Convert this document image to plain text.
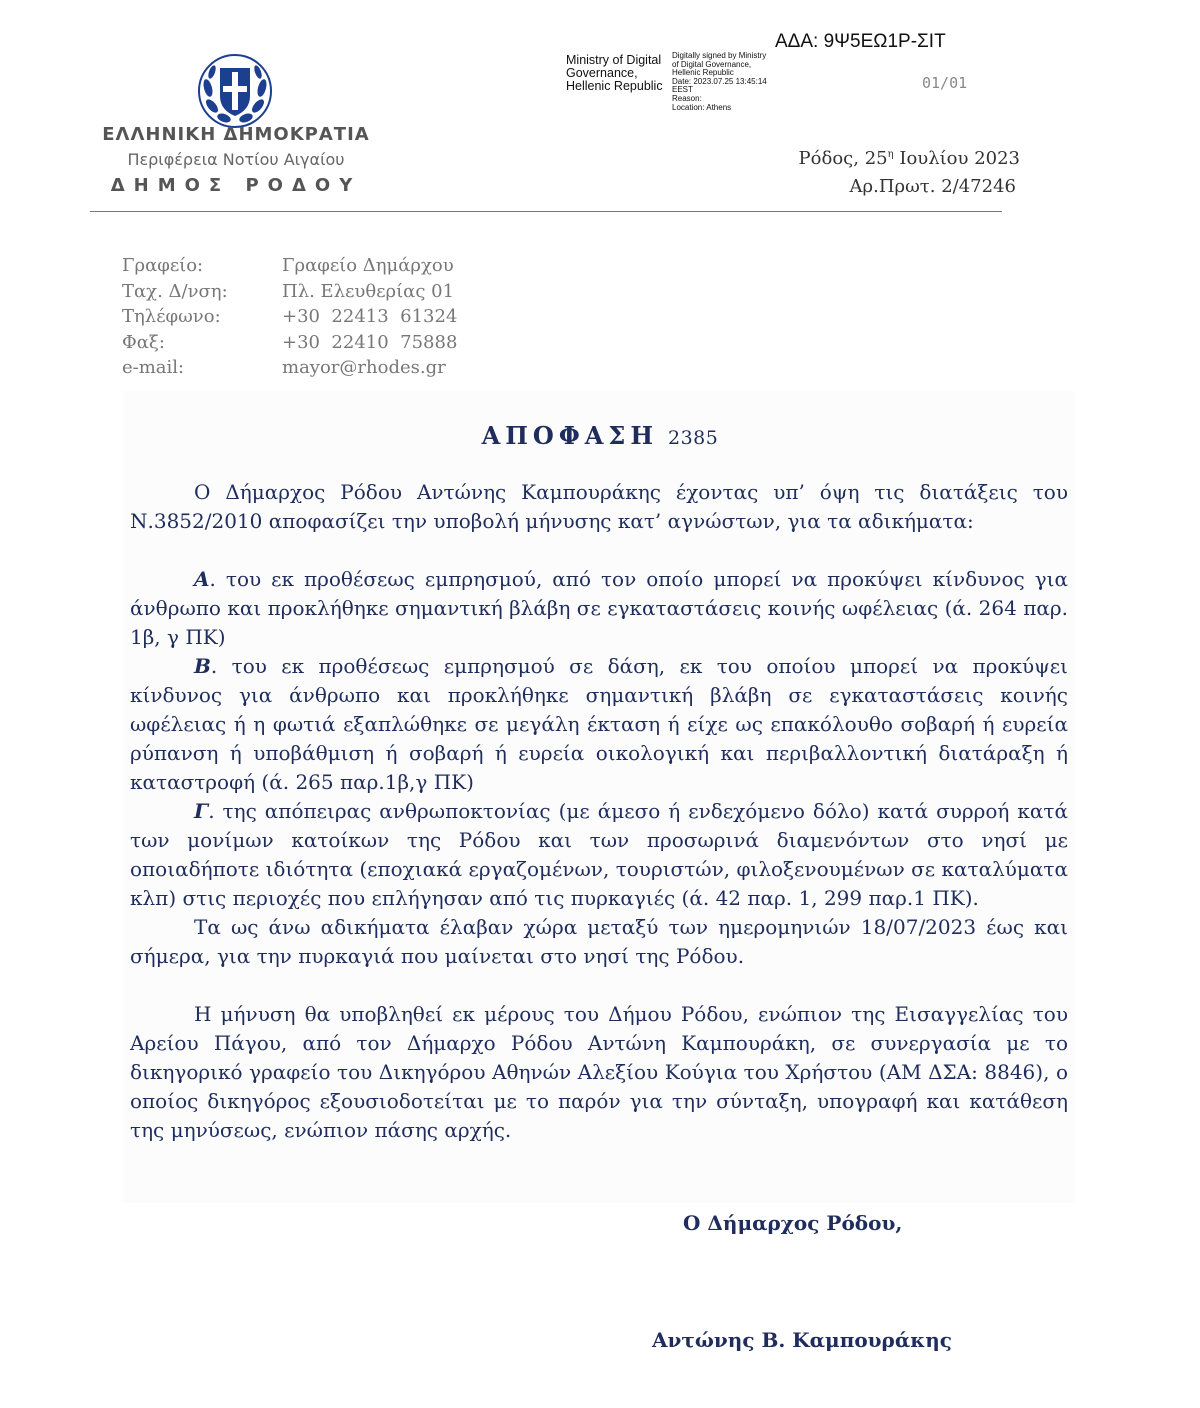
ΑΔΑ: 9Ψ5ΕΩ1Ρ-ΣΙΤ
01/01
Ministry of Digital
Governance,
Hellenic Republic
Digitally signed by Ministry
of Digital Governance,
Hellenic Republic
Date: 2023.07.25 13:45:14
EEST
Reason:
Location: Athens
ΕΛΛΗΝΙΚΗ ΔΗΜΟΚΡΑΤΙΑ
Περιφέρεια Νοτίου Αιγαίου
ΔΗΜΟΣ ΡΟΔΟΥ
Ρόδος, $25^\eta$ Ιουλίου 2023
Αρ.Πρωτ. 2/47246
Γραφείο:	Γραφείο Δημάρχου
Ταχ. Δ/νση:	Πλ. Ελευθερίας 01
Τηλέφωνο:	+30  22413  61324
Φαξ:	+30  22410  75888
e-mail:	mayor@rhodes.gr
ΑΠΟΦΑΣΗ 2385

Ο Δήμαρχος Ρόδου Αντώνης Καμπουράκης έχοντας υπ’ όψη τις διατάξεις του Ν.3852/2010 αποφασίζει την υποβολή μήνυσης κατ’ αγνώστων, για τα αδικήματα:

Α. του εκ προθέσεως εμπρησμού, από τον οποίο μπορεί να προκύψει κίνδυνος για άνθρωπο και προκλήθηκε σημαντική βλάβη σε εγκαταστάσεις κοινής ωφέλειας (ά. 264 παρ. 1β, γ ΠΚ)

Β. του εκ προθέσεως εμπρησμού σε δάση, εκ του οποίου μπορεί να προκύψει κίνδυνος για άνθρωπο και προκλήθηκε σημαντική βλάβη σε εγκαταστάσεις κοινής ωφέλειας ή η φωτιά εξαπλώθηκε σε μεγάλη έκταση ή είχε ως επακόλουθο σοβαρή ή ευρεία ρύπανση ή υποβάθμιση ή σοβαρή ή ευρεία οικολογική και περιβαλλοντική διατάραξη ή καταστροφή (ά. 265 παρ.1β,γ ΠΚ)

Γ. της απόπειρας ανθρωποκτονίας (με άμεσο ή ενδεχόμενο δόλο) κατά συρροή κατά των μονίμων κατοίκων της Ρόδου και των προσωρινά διαμενόντων στο νησί με οποιαδήποτε ιδιότητα (εποχιακά εργαζομένων, τουριστών, φιλοξενουμένων σε καταλύματα κλπ) στις περιοχές που επλήγησαν από τις πυρκαγιές (ά. 42 παρ. 1, 299 παρ.1 ΠΚ).

Τα ως άνω αδικήματα έλαβαν χώρα μεταξύ των ημερομηνιών 18/07/2023 έως και σήμερα, για την πυρκαγιά που μαίνεται στο νησί της Ρόδου.

Η μήνυση θα υποβληθεί εκ μέρους του Δήμου Ρόδου, ενώπιον της Εισαγγελίας του Αρείου Πάγου, από τον Δήμαρχο Ρόδου Αντώνη Καμπουράκη, σε συνεργασία με το δικηγορικό γραφείο του Δικηγόρου Αθηνών Αλεξίου Κούγια του Χρήστου (ΑΜ ΔΣΑ: 8846), ο οποίος δικηγόρος εξουσιοδοτείται με το παρόν για την σύνταξη, υπογραφή και κατάθεση της μηνύσεως, ενώπιον πάσης αρχής.

Ο Δήμαρχος Ρόδου,
Αντώνης Β. Καμπουράκης
